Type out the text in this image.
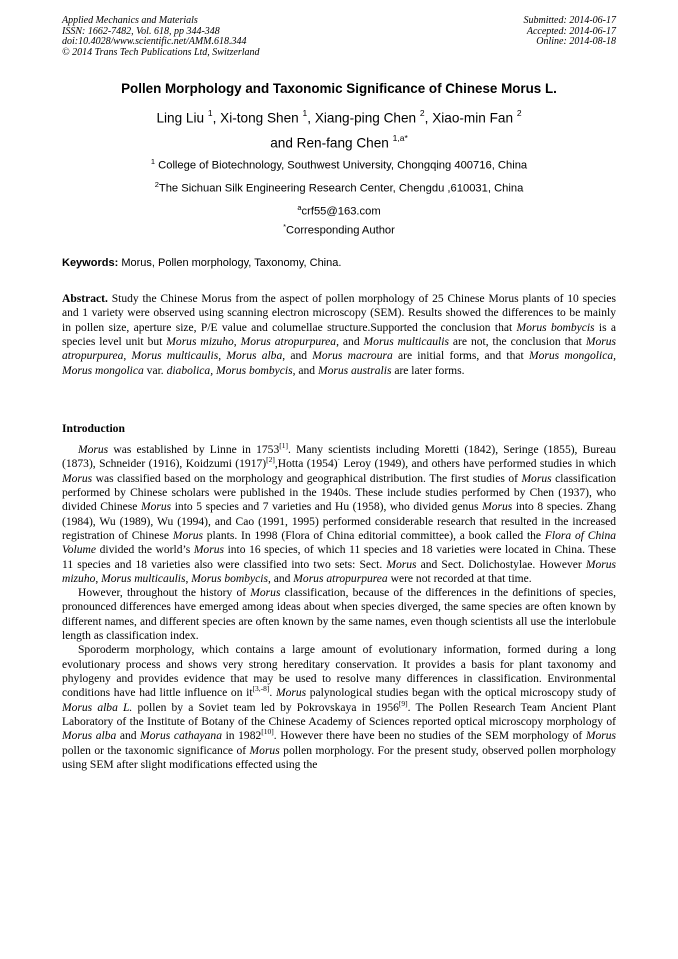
Applied Mechanics and Materials
ISSN: 1662-7482, Vol. 618, pp 344-348
doi:10.4028/www.scientific.net/AMM.618.344
© 2014 Trans Tech Publications Ltd, Switzerland
Submitted: 2014-06-17
Accepted: 2014-06-17
Online: 2014-08-18
Pollen Morphology and Taxonomic Significance of Chinese Morus L.
Ling Liu $^1$, Xi-tong Shen $^1$, Xiang-ping Chen $^2$, Xiao-min Fan $^2$
and Ren-fang Chen $^{1,a*}$
$^1$ College of Biotechnology, Southwest University, Chongqing 400716, China
$^2$The Sichuan Silk Engineering Research Center, Chengdu ,610031, China
$^a$crf55@163.com
*Corresponding Author
Keywords: Morus, Pollen morphology, Taxonomy, China.

Abstract. Study the Chinese Morus from the aspect of pollen morphology of 25 Chinese Morus plants of 10 species and 1 variety were observed using scanning electron microscopy (SEM). Results showed the differences to be mainly in pollen size, aperture size, P/E value and columellae structure.Supported the conclusion that Morus bombycis is a species level unit but Morus mizuho, Morus atropurpurea, and Morus multicaulis are not, the conclusion that Morus atropurpurea, Morus multicaulis, Morus alba, and Morus macroura are initial forms, and that Morus mongolica, Morus mongolica var. diabolica, Morus bombycis, and Morus australis are later forms.

Introduction

Morus was established by Linne in 1753[1]. Many scientists including Moretti (1842), Seringe (1855), Bureau (1873), Schneider (1916), Koidzumi (1917)[2],Hotta (1954)· Leroy (1949), and others have performed studies in which Morus was classified based on the morphology and geographical distribution. The first studies of Morus classification performed by Chinese scholars were published in the 1940s. These include studies performed by Chen (1937), who divided Chinese Morus into 5 species and 7 varieties and Hu (1958), who divided genus Morus into 8 species. Zhang (1984), Wu (1989), Wu (1994), and Cao (1991, 1995) performed considerable research that resulted in the increased registration of Chinese Morus plants. In 1998 (Flora of China editorial committee), a book called the Flora of China Volume divided the world’s Morus into 16 species, of which 11 species and 18 varieties were located in China. These 11 species and 18 varieties also were classified into two sets: Sect. Morus and Sect. Dolichostylae. However Morus mizuho, Morus multicaulis, Morus bombycis, and Morus atropurpurea were not recorded at that time.

However, throughout the history of Morus classification, because of the differences in the definitions of species, pronounced differences have emerged among ideas about when species diverged, the same species are often known by different names, and different species are often known by the same names, even though scientists all use the interlobule length as classification index.

Sporoderm morphology, which contains a large amount of evolutionary information, formed during a long evolutionary process and shows very strong hereditary conservation. It provides a basis for plant taxonomy and phylogeny and provides evidence that may be used to resolve many differences in classification. Environmental conditions have had little influence on it[3,-8]. Morus palynological studies began with the optical microscopy study of Morus alba L. pollen by a Soviet team led by Pokrovskaya in 1956[9]. The Pollen Research Team Ancient Plant Laboratory of the Institute of Botany of the Chinese Academy of Sciences reported optical microscopy morphology of Morus alba and Morus cathayana in 1982[10]. However there have been no studies of the SEM morphology of Morus pollen or the taxonomic significance of Morus pollen morphology. For the present study, observed pollen morphology using SEM after slight modifications effected using the
